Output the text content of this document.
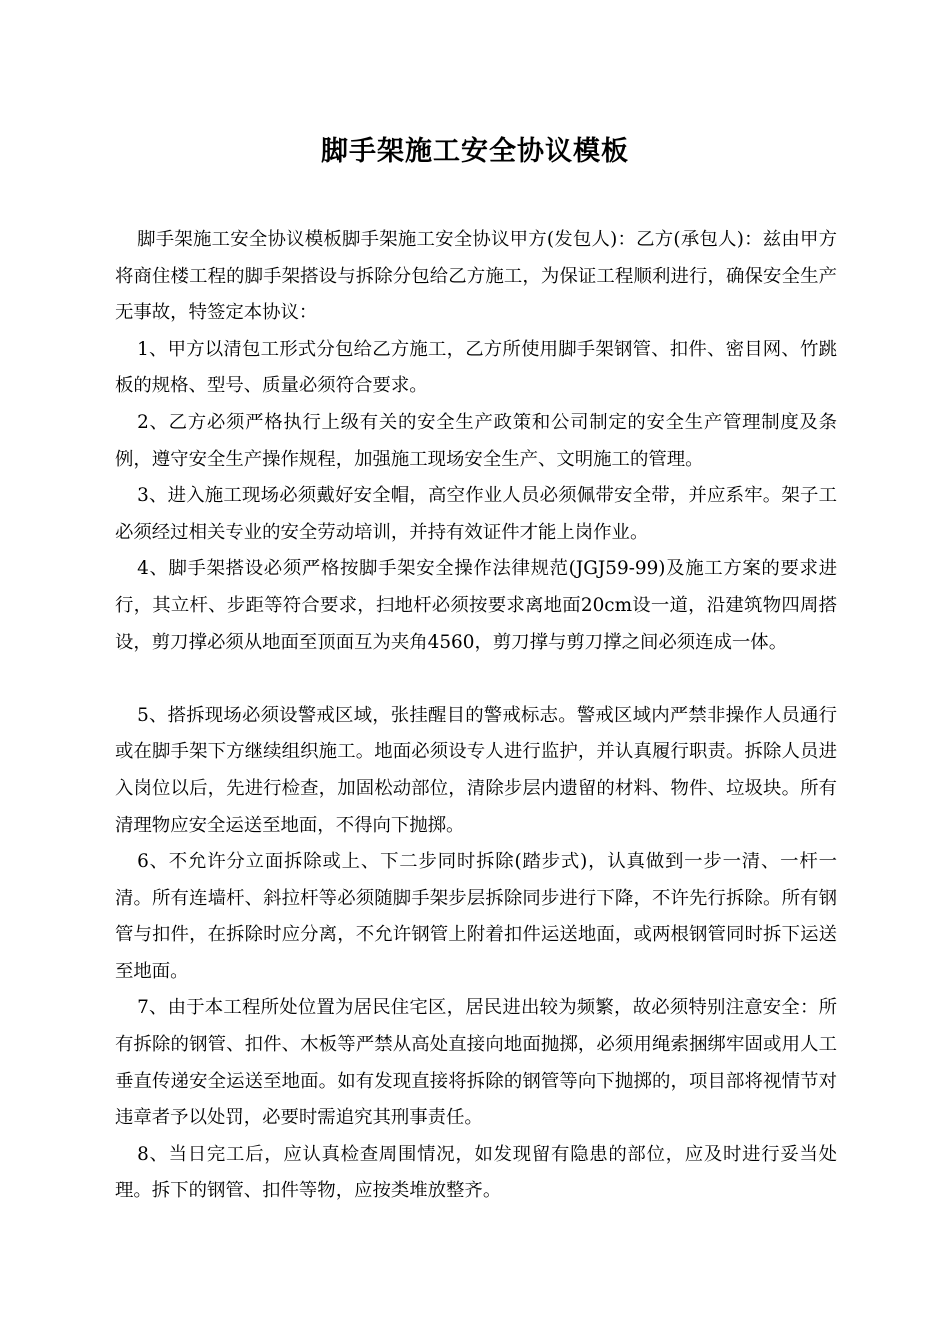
脚手架施工安全协议模板

脚手架施工安全协议模板脚手架施工安全协议甲方(发包人)：乙方(承包人)：兹由甲方将商住楼工程的脚手架搭设与拆除分包给乙方施工，为保证工程顺利进行，确保安全生产无事故，特签定本协议：

1、甲方以清包工形式分包给乙方施工，乙方所使用脚手架钢管、扣件、密目网、竹跳板的规格、型号、质量必须符合要求。

2、乙方必须严格执行上级有关的安全生产政策和公司制定的安全生产管理制度及条例，遵守安全生产操作规程，加强施工现场安全生产、文明施工的管理。

3、进入施工现场必须戴好安全帽，高空作业人员必须佩带安全带，并应系牢。架子工必须经过相关专业的安全劳动培训，并持有效证件才能上岗作业。

4、脚手架搭设必须严格按脚手架安全操作法律规范(JGJ59-99)及施工方案的要求进行，其立杆、步距等符合要求，扫地杆必须按要求离地面20cm设一道，沿建筑物四周搭设，剪刀撑必须从地面至顶面互为夹角4560，剪刀撑与剪刀撑之间必须连成一体。

5、搭拆现场必须设警戒区域，张挂醒目的警戒标志。警戒区域内严禁非操作人员通行或在脚手架下方继续组织施工。地面必须设专人进行监护，并认真履行职责。拆除人员进入岗位以后，先进行检查，加固松动部位，清除步层内遗留的材料、物件、垃圾块。所有清理物应安全运送至地面，不得向下抛掷。

6、不允许分立面拆除或上、下二步同时拆除(踏步式)，认真做到一步一清、一杆一清。所有连墙杆、斜拉杆等必须随脚手架步层拆除同步进行下降，不许先行拆除。所有钢管与扣件，在拆除时应分离，不允许钢管上附着扣件运送地面，或两根钢管同时拆下运送至地面。

7、由于本工程所处位置为居民住宅区，居民进出较为频繁，故必须特别注意安全：所有拆除的钢管、扣件、木板等严禁从高处直接向地面抛掷，必须用绳索捆绑牢固或用人工垂直传递安全运送至地面。如有发现直接将拆除的钢管等向下抛掷的，项目部将视情节对违章者予以处罚，必要时需追究其刑事责任。

8、当日完工后，应认真检查周围情况，如发现留有隐患的部位，应及时进行妥当处理。拆下的钢管、扣件等物，应按类堆放整齐。
